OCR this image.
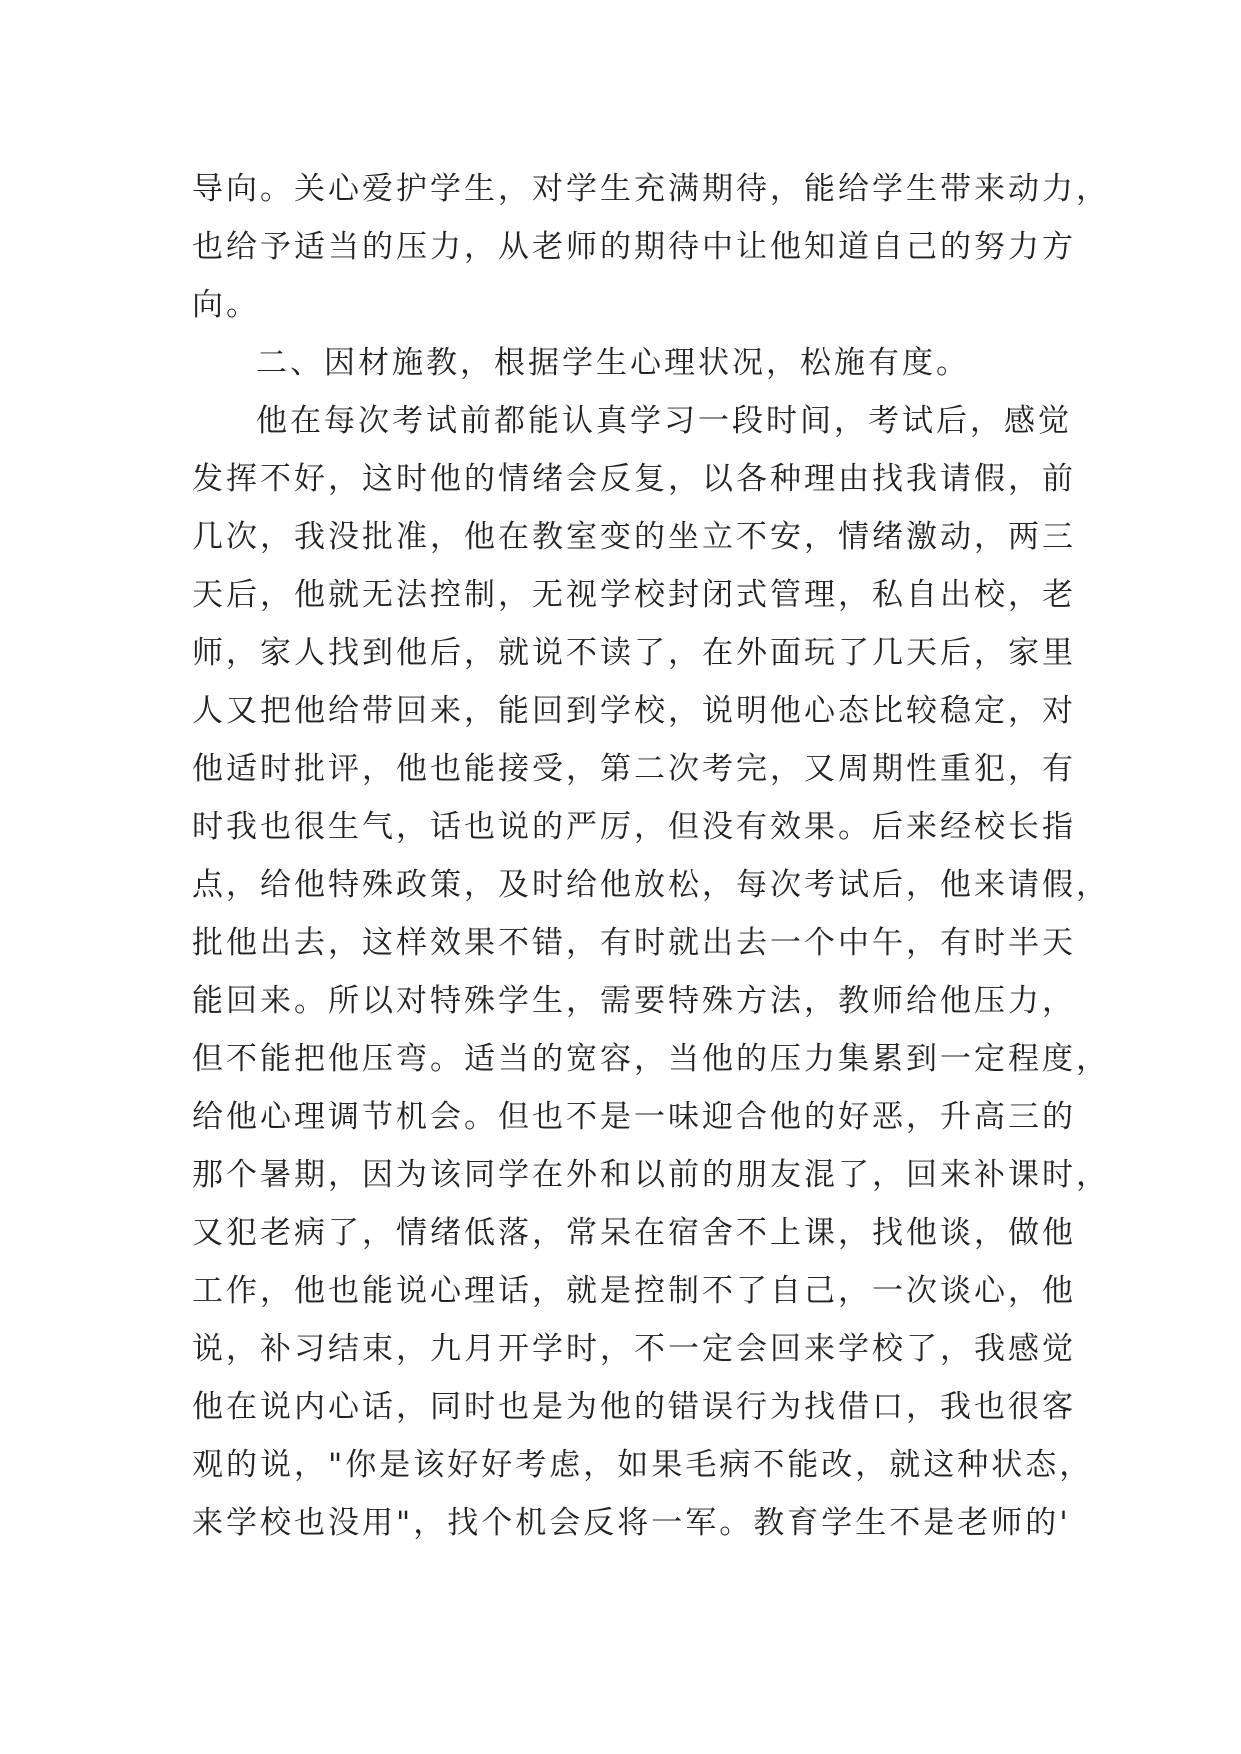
导向。关心爱护学生，对学生充满期待，能给学生带来动力，
也给予适当的压力，从老师的期待中让他知道自己的努力方
向。
二、因材施教，根据学生心理状况，松施有度。
他在每次考试前都能认真学习一段时间，考试后，感觉
发挥不好，这时他的情绪会反复，以各种理由找我请假，前
几次，我没批准，他在教室变的坐立不安，情绪激动，两三
天后，他就无法控制，无视学校封闭式管理，私自出校，老
师，家人找到他后，就说不读了，在外面玩了几天后，家里
人又把他给带回来，能回到学校，说明他心态比较稳定，对
他适时批评，他也能接受，第二次考完，又周期性重犯，有
时我也很生气，话也说的严厉，但没有效果。后来经校长指
点，给他特殊政策，及时给他放松，每次考试后，他来请假，
批他出去，这样效果不错，有时就出去一个中午，有时半天
能回来。所以对特殊学生，需要特殊方法，教师给他压力，
但不能把他压弯。适当的宽容，当他的压力集累到一定程度，
给他心理调节机会。但也不是一味迎合他的好恶，升高三的
那个暑期，因为该同学在外和以前的朋友混了，回来补课时，
又犯老病了，情绪低落，常呆在宿舍不上课，找他谈，做他
工作，他也能说心理话，就是控制不了自己，一次谈心，他
说，补习结束，九月开学时，不一定会回来学校了，我感觉
他在说内心话，同时也是为他的错误行为找借口，我也很客
观的说，"你是该好好考虑，如果毛病不能改，就这种状态，
来学校也没用"，找个机会反将一军。教育学生不是老师的'
